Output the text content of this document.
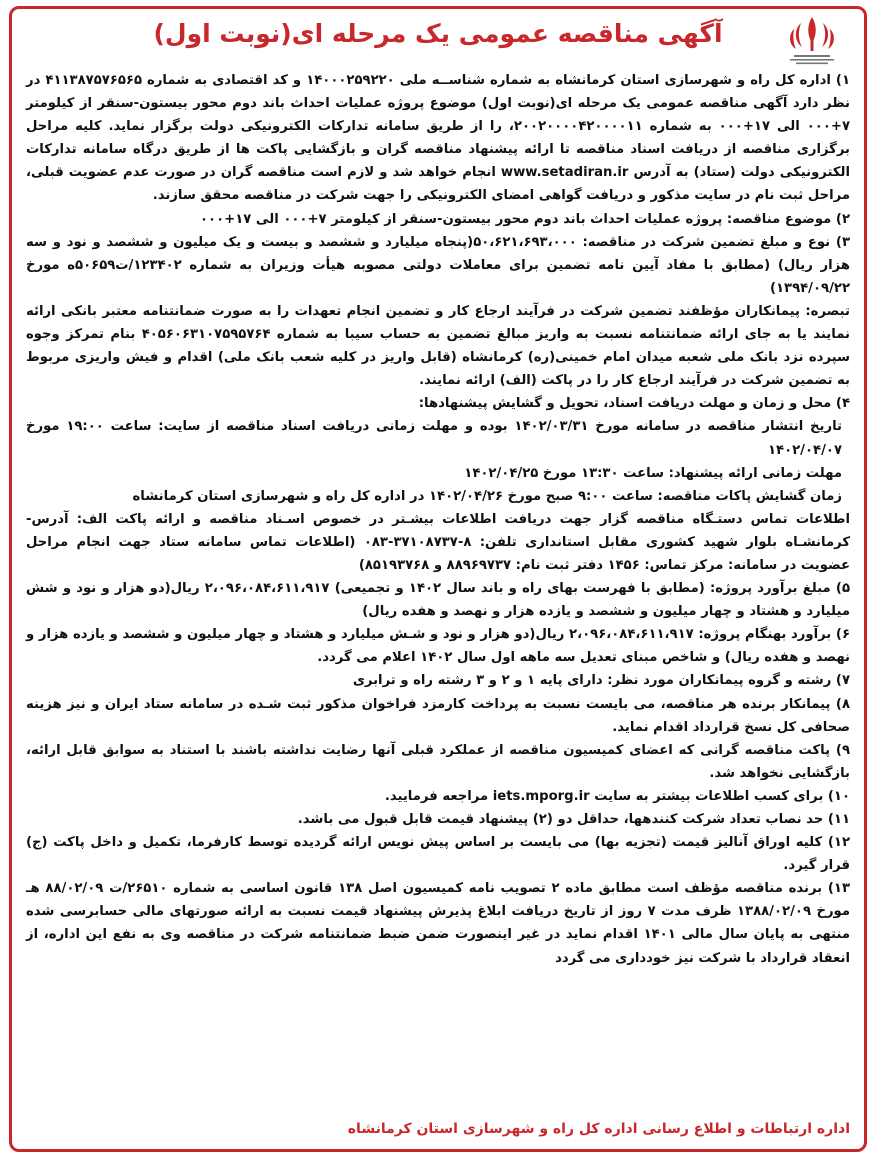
آگهی مناقصه عمومی یک مرحله ای(نوبت اول)

۱) اداره کل راه و شهرسازی استان کرمانشاه به شماره شناســه ملی ۱۴۰۰۰۲۵۹۲۲۰ و کد اقتصادی به شماره ۴۱۱۳۸۷۵۷۶۵۶۵ در نظر دارد آگهی مناقصه عمومی یک مرحله ای(نوبت اول) موضوع پروژه عملیات احداث باند دوم محور بیستون-سنقر از کیلومتر ۷+۰۰۰ الی ۱۷+۰۰۰ به شماره ۲۰۰۲۰۰۰۰۴۲۰۰۰۰۱۱، را از طریق سامانه تدارکات الکترونیکی دولت برگزار نماید. کلیه مراحل برگزاری مناقصه از دریافت اسناد مناقصه تا ارائه پیشنهاد مناقصه گران و بازگشایی پاکت ها از طریق درگاه سامانه تدارکات الکترونیکی دولت (ستاد) به آدرس www.setadiran.ir انجام خواهد شد و لازم است مناقصه گران در صورت عدم عضویت قبلی، مراحل ثبت نام در سایت مذکور و دریافت گواهی امضای الکترونیکی را جهت شرکت در مناقصه محقق سازند.

۲) موضوع مناقصه: پروژه عملیات احداث باند دوم محور بیستون-سنقر از کیلومتر ۷+۰۰۰ الی ۱۷+۰۰۰

۳) نوع و مبلغ تضمین شرکت در مناقصه: ۵۰،۶۲۱،۶۹۳،۰۰۰(پنجاه میلیارد و ششصد و بیست و یک میلیون و ششصد و نود و سه هزار ریال) (مطابق با مفاد آیین نامه تضمین برای معاملات دولتی مصوبه هیأت وزیران به شماره ۱۲۳۴۰۲/ت۵۰۶۵۹ه مورخ ۱۳۹۴/۰۹/۲۲)

تبصره: پیمانکاران مؤظفند تضمین شرکت در فرآیند ارجاع کار و تضمین انجام تعهدات را به صورت ضمانتنامه معتبر بانکی ارائه نمایند یا به جای ارائه ضمانتنامه نسبت به واریز مبالغ تضمین به حساب سیبا به شماره ۴۰۵۶۰۶۳۱۰۷۵۹۵۷۶۴ بنام تمرکز وجوه سپرده نزد بانک ملی شعبه میدان امام خمینی(ره) کرمانشاه (قابل واریز در کلیه شعب بانک ملی) اقدام و فیش واریزی مربوط به تضمین شرکت در فرآیند ارجاع کار را در پاکت (الف) ارائه نمایند.

۴) محل و زمان و مهلت دریافت اسناد، تحویل و گشایش پیشنهادها:

تاریخ انتشار مناقصه در سامانه مورخ ۱۴۰۲/۰۳/۳۱ بوده و مهلت زمانی دریافت اسناد مناقصه از سایت: ساعت ۱۹:۰۰ مورخ ۱۴۰۲/۰۴/۰۷

مهلت زمانی ارائه پیشنهاد: ساعت ۱۳:۳۰ مورخ ۱۴۰۲/۰۴/۲۵

زمان گشایش پاکات مناقصه: ساعت ۹:۰۰ صبح مورخ ۱۴۰۲/۰۴/۲۶ در اداره کل راه و شهرسازی استان کرمانشاه

اطلاعات تماس دستـگاه مناقصه گزار جهت دریافت اطلاعات بیشـتر در خصوص اسـناد مناقصه و ارائه پاکت الف: آدرس-کرمانشـاه بلوار شهید کشوری مقابل استانداری تلفن: ۸-۳۷۱۰۸۷۳۷-۰۸۳ (اطلاعات تماس سامانه ستاد جهت انجام مراحل عضویت در سامانه: مرکز تماس: ۱۴۵۶ دفتر ثبت نام: ۸۸۹۶۹۷۳۷ و ۸۵۱۹۳۷۶۸)

۵) مبلغ برآورد پروژه: (مطابق با فهرست بهای راه و باند سال ۱۴۰۲ و تجمیعی) ۲،۰۹۶،۰۸۴،۶۱۱،۹۱۷ ریال(دو هزار و نود و شش میلیارد و هشتاد و چهار میلیون و ششصد و یازده هزار و نهصد و هفده ریال)

۶) برآورد بهنگام پروژه: ۲،۰۹۶،۰۸۴،۶۱۱،۹۱۷ ریال(دو هزار و نود و شـش میلیارد و هشتاد و چهار میلیون و ششصد و یازده هزار و نهصد و هفده ریال) و شاخص مبنای تعدیل سه ماهه اول سال ۱۴۰۲ اعلام می گردد.

۷) رشته و گروه پیمانکاران مورد نظر: دارای پایه ۱ و ۲ و ۳ رشته راه و ترابری

۸) پیمانکار برنده هر مناقصه، می بایست نسبت به پرداخت کارمزد فراخوان مذکور ثبت شـده در سامانه ستاد ایران و نیز هزینه صحافی کل نسخ قرارداد اقدام نماید.

۹) پاکت مناقصه گرانی که اعضای کمیسیون مناقصه از عملکرد قبلی آنها رضایت نداشته باشند با استناد به سوابق قابل ارائه، بازگشایی نخواهد شد.

۱۰) برای کسب اطلاعات بیشتر به سایت iets.mporg.ir مراجعه فرمایید.

۱۱) حد نصاب تعداد شرکت کنندهها، حداقل دو (۲) پیشنهاد قیمت قابل قبول می باشد.

۱۲) کلیه اوراق آنالیز قیمت (تجزیه بها) می بایست بر اساس پیش نویس ارائه گردیده توسط کارفرما، تکمیل و داخل پاکت (ج) قرار گیرد.

۱۳) برنده مناقصه مؤظف است مطابق ماده ۲ تصویب نامه کمیسیون اصل ۱۳۸ قانون اساسی به شماره ۲۶۵۱۰/ت ۸۸/۰۲/۰۹ هـ مورخ ۱۳۸۸/۰۲/۰۹ ظرف مدت ۷ روز از تاریخ دریافت ابلاغ پذیرش پیشنهاد قیمت نسبت به ارائه صورتهای مالی حسابرسی شده منتهی به پایان سال مالی ۱۴۰۱ اقدام نماید در غیر اینصورت ضمن ضبط ضمانتنامه شرکت در مناقصه وی به نفع این اداره، از انعقاد قرارداد با شرکت نیز خودداری می گردد

اداره ارتباطات و اطلاع رسانی اداره کل راه و شهرسازی استان کرمانشاه
